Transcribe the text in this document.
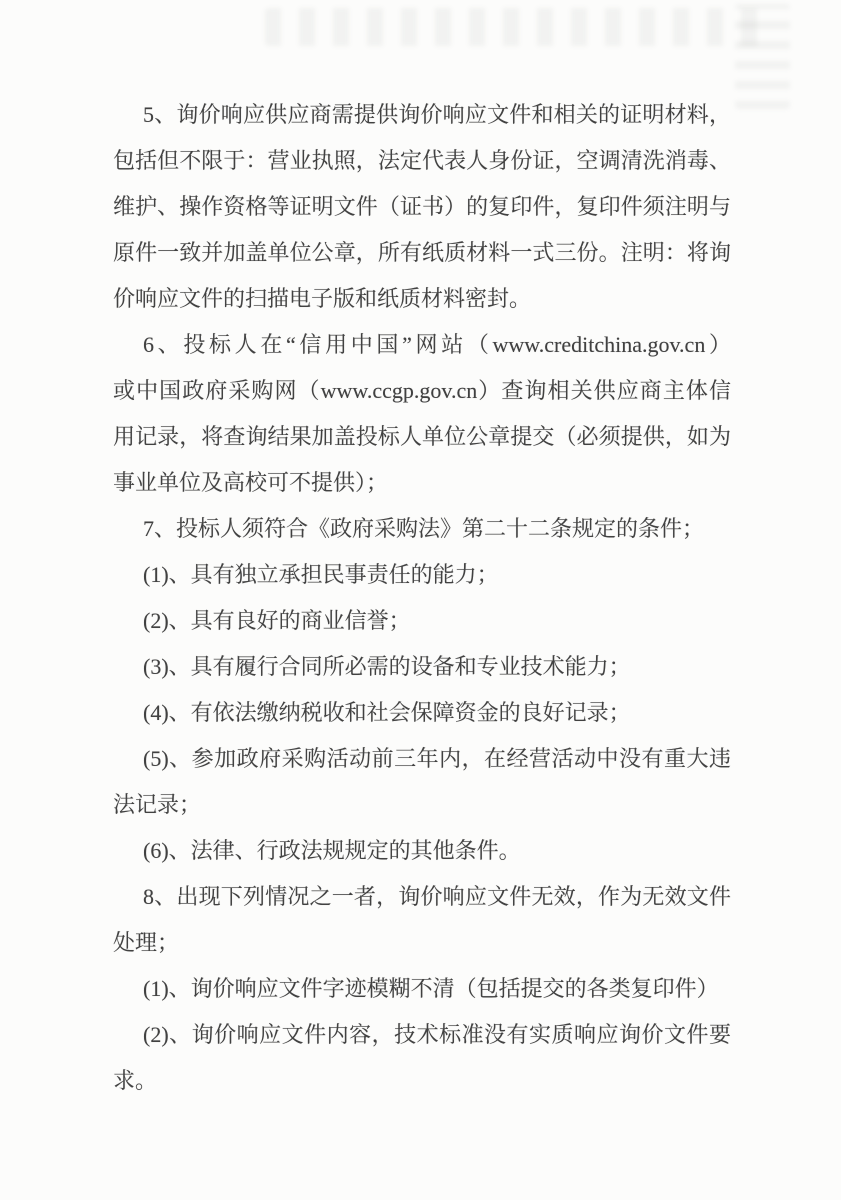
5、询价响应供应商需提供询价响应文件和相关的证明材料，
包括但不限于：营业执照，法定代表人身份证，空调清洗消毒、
维护、操作资格等证明文件（证书）的复印件，复印件须注明与
原件一致并加盖单位公章，所有纸质材料一式三份。注明：将询
价响应文件的扫描电子版和纸质材料密封。
6、投标人在“信用中国”网站（www.creditchina.gov.cn）
或中国政府采购网（www.ccgp.gov.cn）查询相关供应商主体信
用记录，将查询结果加盖投标人单位公章提交（必须提供，如为
事业单位及高校可不提供）；
7、投标人须符合《政府采购法》第二十二条规定的条件；
(1)、具有独立承担民事责任的能力；
(2)、具有良好的商业信誉；
(3)、具有履行合同所必需的设备和专业技术能力；
(4)、有依法缴纳税收和社会保障资金的良好记录；
(5)、参加政府采购活动前三年内，在经营活动中没有重大违
法记录；
(6)、法律、行政法规规定的其他条件。
8、出现下列情况之一者，询价响应文件无效，作为无效文件
处理；
(1)、询价响应文件字迹模糊不清（包括提交的各类复印件）
(2)、询价响应文件内容，技术标准没有实质响应询价文件要
求。
